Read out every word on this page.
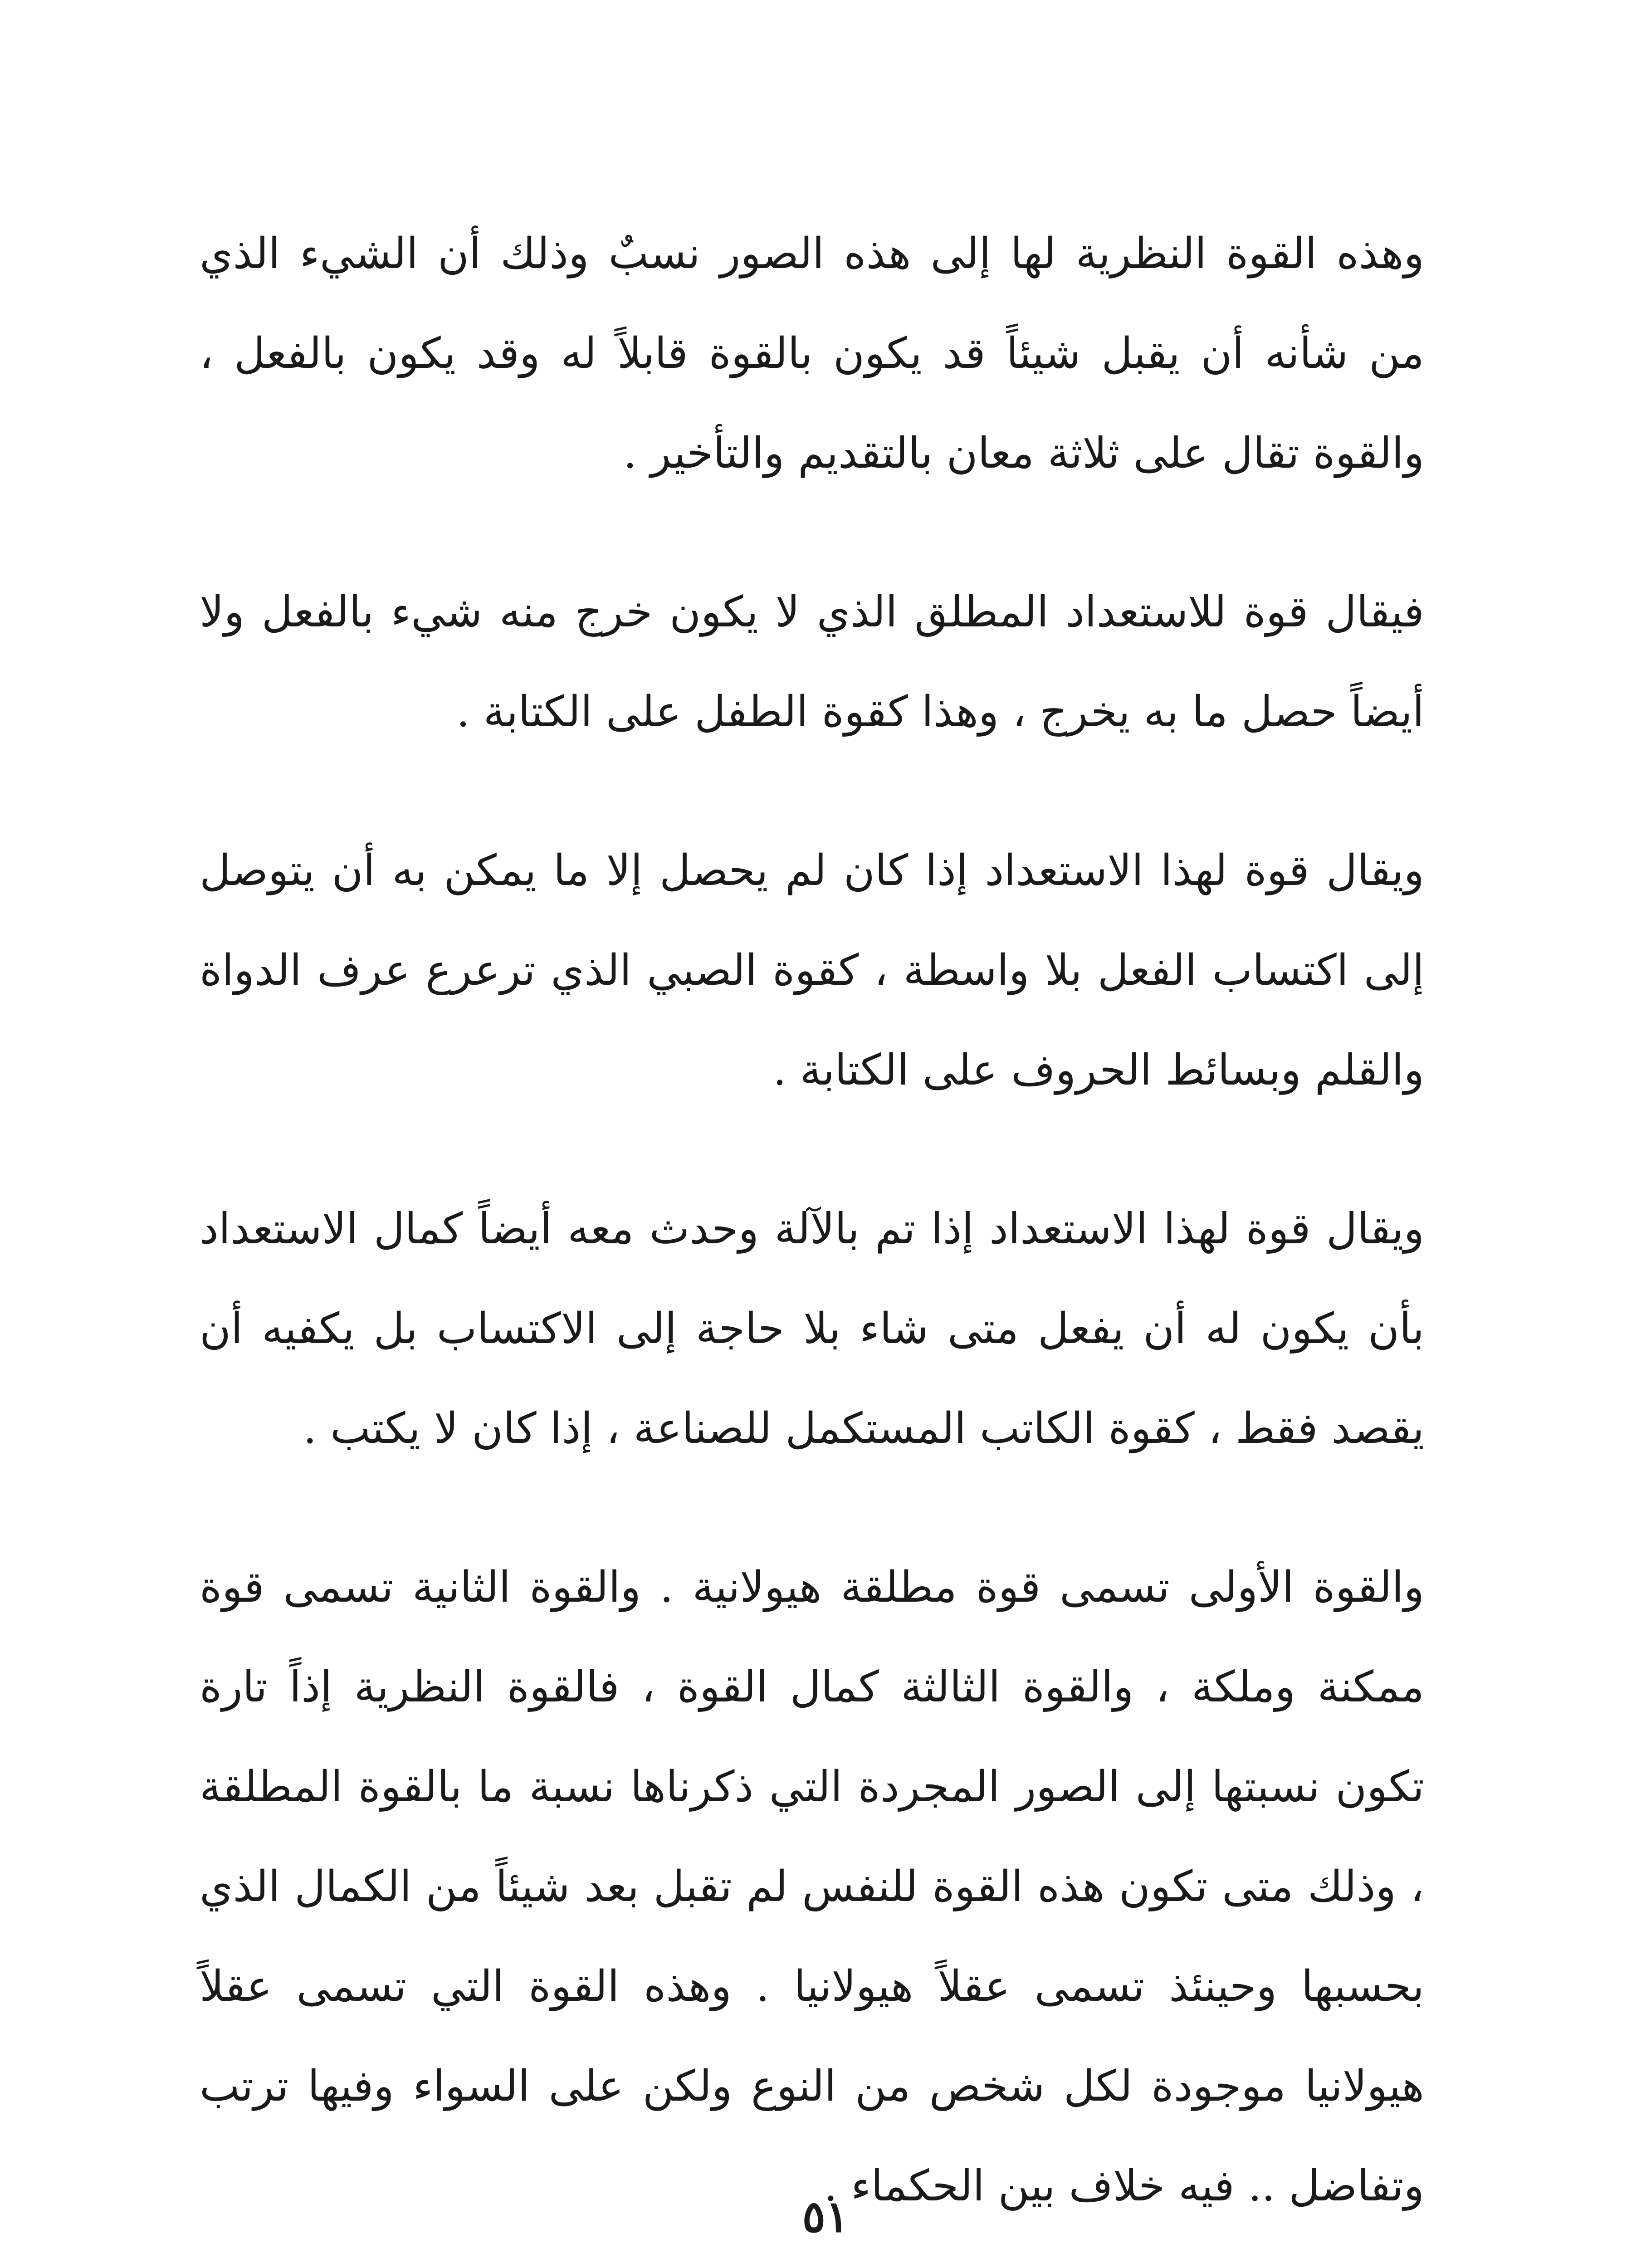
وهذه القوة النظرية لها إلى هذه الصور نسبٌ وذلك أن الشيء الذي من شأنه أن يقبل شيئاً قد يكون بالقوة قابلاً له وقد يكون بالفعل ، والقوة تقال على ثلاثة معان بالتقديم والتأخير .

فيقال قوة للاستعداد المطلق الذي لا يكون خرج منه شيء بالفعل ولا أيضاً حصل ما به يخرج ، وهذا كقوة الطفل على الكتابة .

ويقال قوة لهذا الاستعداد إذا كان لم يحصل إلا ما يمكن به أن يتوصل إلى اكتساب الفعل بلا واسطة ، كقوة الصبي الذي ترعرع عرف الدواة والقلم وبسائط الحروف على الكتابة .

ويقال قوة لهذا الاستعداد إذا تم بالآلة وحدث معه أيضاً كمال الاستعداد بأن يكون له أن يفعل متى شاء بلا حاجة إلى الاكتساب بل يكفيه أن يقصد فقط ، كقوة الكاتب المستكمل للصناعة ، إذا كان لا يكتب .

والقوة الأولى تسمى قوة مطلقة هيولانية . والقوة الثانية تسمى قوة ممكنة وملكة ، والقوة الثالثة كمال القوة ، فالقوة النظرية إذاً تارة تكون نسبتها إلى الصور المجردة التي ذكرناها نسبة ما بالقوة المطلقة ، وذلك متى تكون هذه القوة للنفس لم تقبل بعد شيئاً من الكمال الذي بحسبها وحينئذ تسمى عقلاً هيولانيا . وهذه القوة التي تسمى عقلاً هيولانيا موجودة لكل شخص من النوع ولكن على السواء وفيها ترتب وتفاضل .. فيه خلاف بين الحكماء .

٥١
